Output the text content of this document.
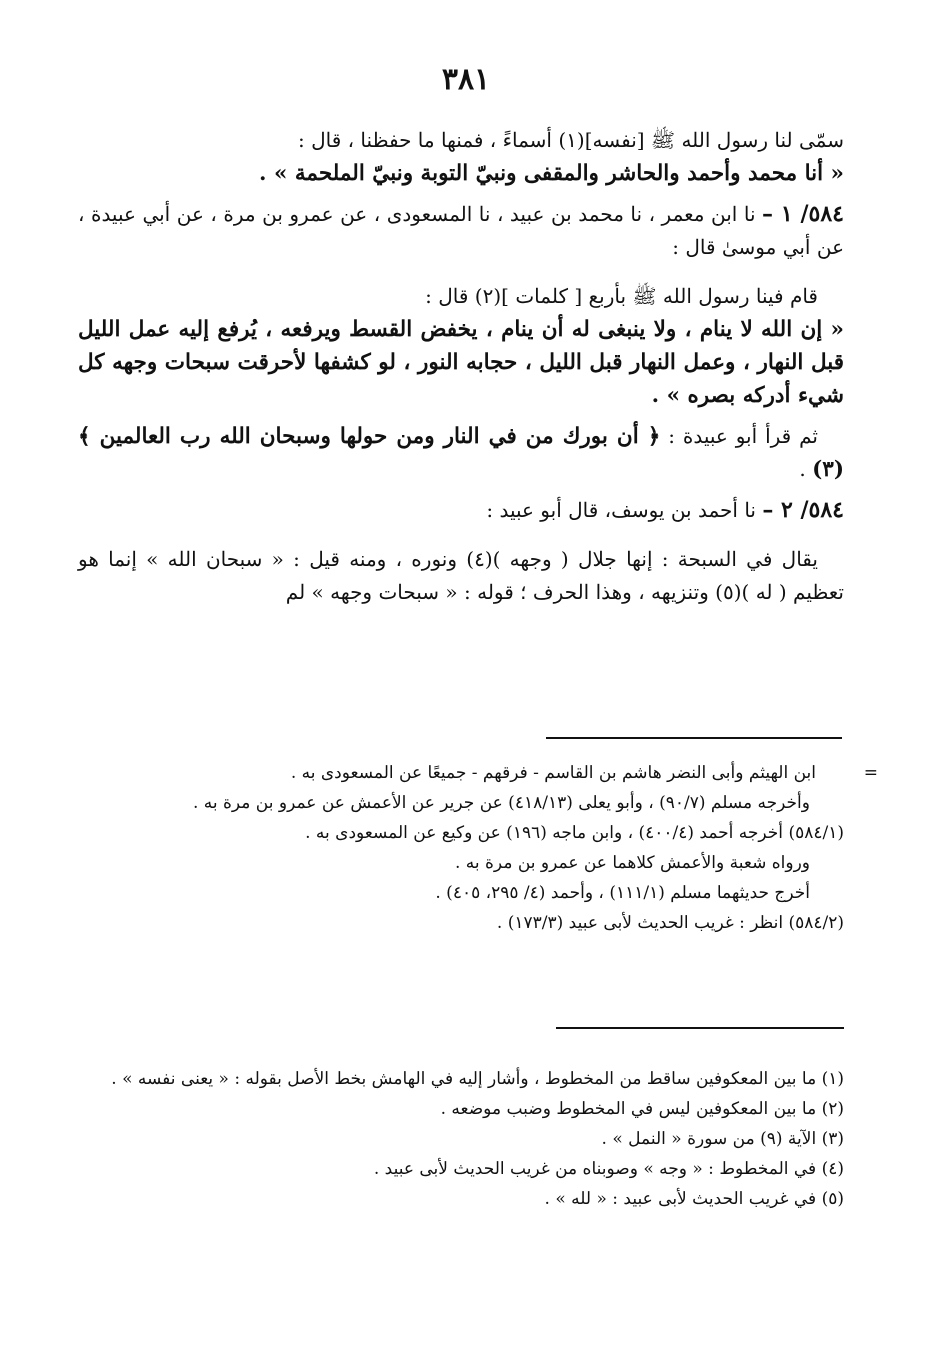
٣٨١

سمّى لنا رسول الله ﷺ [نفسه](١) أسماءً ، فمنها ما حفظنا ، قال :

« أنا محمد وأحمد والحاشر والمقفى ونبيّ التوبة ونبيّ الملحمة » .

٥٨٤/ ١ – نا ابن معمر ، نا محمد بن عبيد ، نا المسعودى ، عن عمرو بن مرة ، عن أبي عبيدة ، عن أبي موسىٰ قال :

قام فينا رسول الله ﷺ بأربع [ كلمات ](٢) قال :

« إن الله لا ينام ، ولا ينبغى له أن ينام ، يخفض القسط ويرفعه ، يُرفع إليه عمل الليل قبل النهار ، وعمل النهار قبل الليل ، حجابه النور ، لو كشفها لأحرقت سبحات وجهه كل شيء أدركه بصره » .

ثم قرأ أبو عبيدة : ﴿ أن بورك من في النار ومن حولها وسبحان الله رب العالمين ﴾(٣) .

٥٨٤/ ٢ – نا أحمد بن يوسف، قال أبو عبيد :

يقال في السبحة : إنها جلال ( وجهه )(٤) ونوره ، ومنه قيل : « سبحان الله » إنما هو تعظيم ( له )(٥) وتنزيهه ، وهذا الحرف ؛ قوله : « سبحات وجهه » لم

=ابن الهيثم وأبى النضر هاشم بن القاسم - فرقهم - جميعًا عن المسعودى به .

وأخرجه مسلم (٩٠/٧) ، وأبو يعلى (٤١٨/١٣) عن جرير عن الأعمش عن عمرو بن مرة به .

(٥٨٤/١) أخرجه أحمد (٤٠٠/٤) ، وابن ماجه (١٩٦) عن وكيع عن المسعودى به .

ورواه شعبة والأعمش كلاهما عن عمرو بن مرة به .

أخرج حديثهما مسلم (١١١/١) ، وأحمد (٤/ ٢٩٥، ٤٠٥) .

(٥٨٤/٢) انظر : غريب الحديث لأبى عبيد (١٧٣/٣) .

(١) ما بين المعكوفين ساقط من المخطوط ، وأشار إليه في الهامش بخط الأصل بقوله : « يعنى نفسه » .

(٢) ما بين المعكوفين ليس في المخطوط وضبب موضعه .

(٣) الآية (٩) من سورة « النمل » .

(٤) في المخطوط : « وجه » وصوبناه من غريب الحديث لأبى عبيد .

(٥) في غريب الحديث لأبى عبيد : « لله » .
